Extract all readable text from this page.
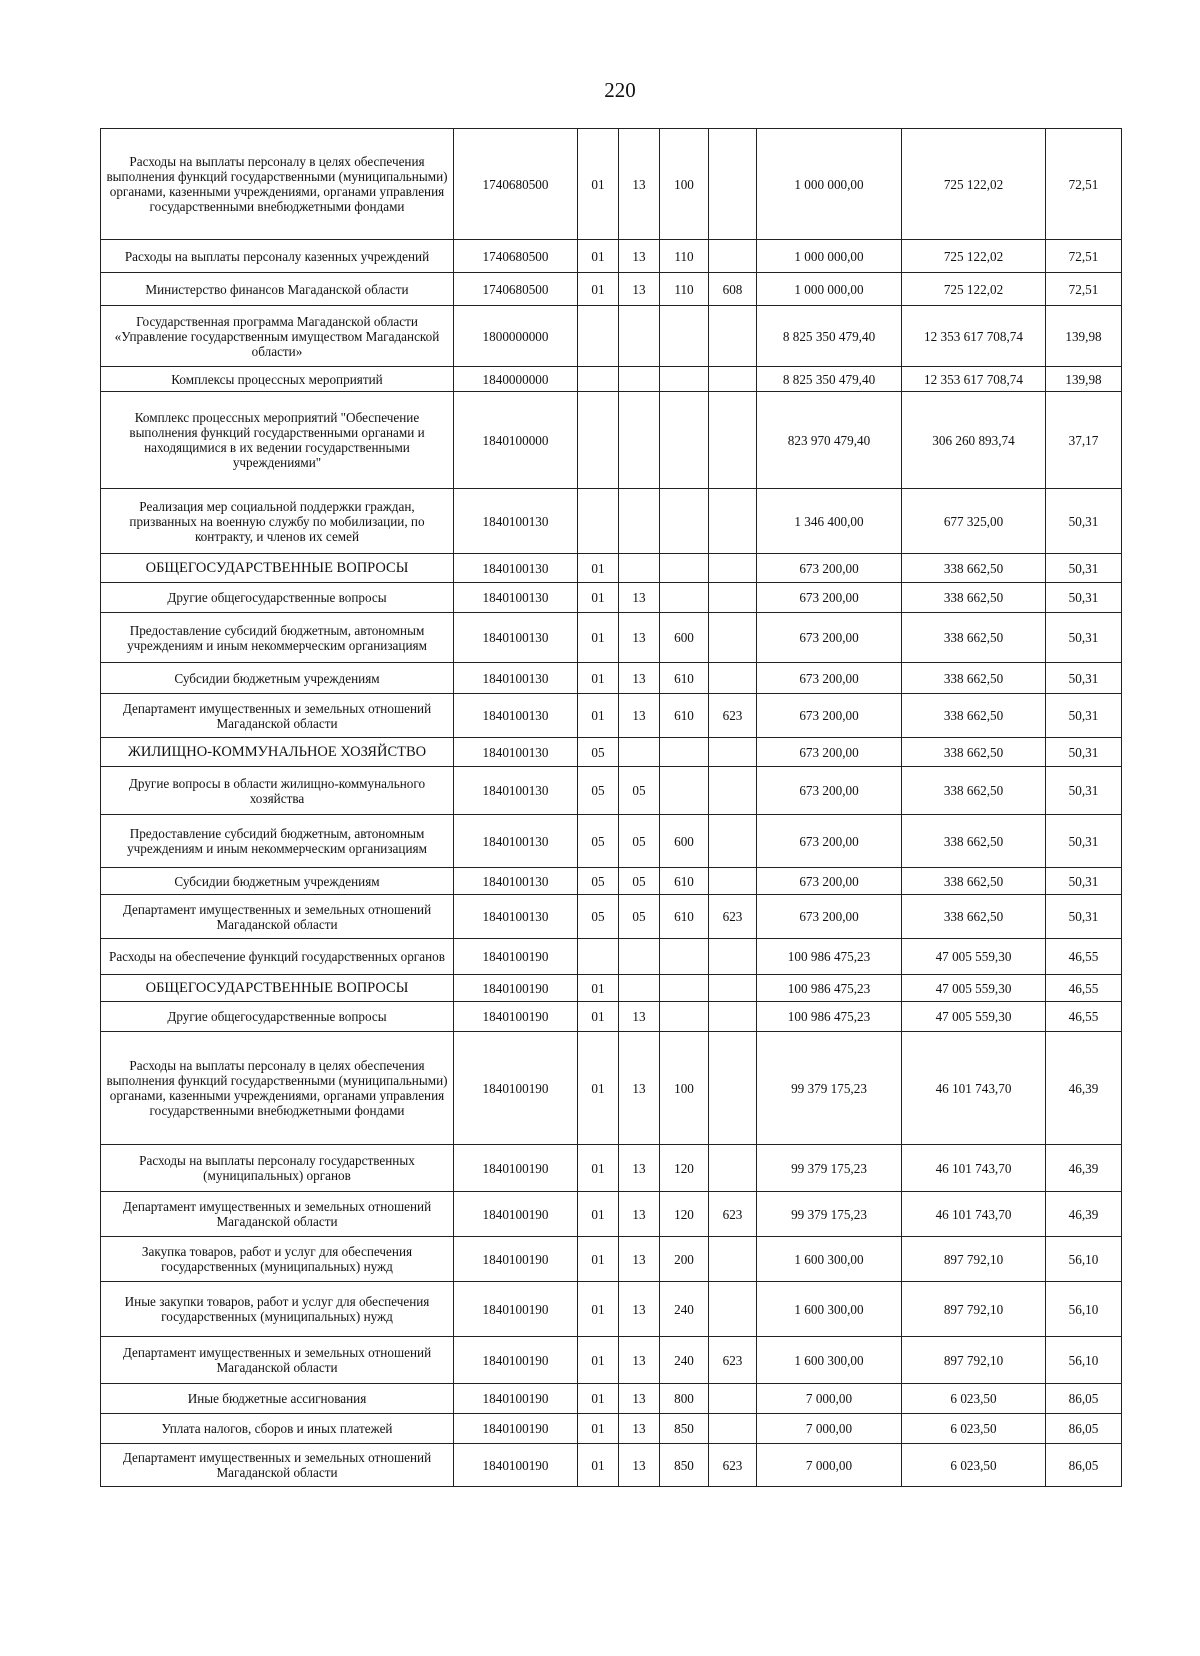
220
Расходы на выплаты персоналу в целях обеспечения выполнения функций государственными (муниципальными) органами, казенными учреждениями, органами управления государственными внебюджетными фондами	1740680500	01	13	100		1 000 000,00	725 122,02	72,51
Расходы на выплаты персоналу казенных учреждений	1740680500	01	13	110		1 000 000,00	725 122,02	72,51
Министерство финансов Магаданской области	1740680500	01	13	110	608	1 000 000,00	725 122,02	72,51
Государственная программа Магаданской области «Управление государственным имуществом Магаданской области»	1800000000					8 825 350 479,40	12 353 617 708,74	139,98
Комплексы процессных мероприятий	1840000000					8 825 350 479,40	12 353 617 708,74	139,98
Комплекс процессных мероприятий "Обеспечение выполнения функций государственными органами и находящимися в их ведении государственными учреждениями"	1840100000					823 970 479,40	306 260 893,74	37,17
Реализация мер социальной поддержки граждан, призванных на военную службу по мобилизации, по контракту, и членов их семей	1840100130					1 346 400,00	677 325,00	50,31
ОБЩЕГОСУДАРСТВЕННЫЕ ВОПРОСЫ	1840100130	01				673 200,00	338 662,50	50,31
Другие общегосударственные вопросы	1840100130	01	13			673 200,00	338 662,50	50,31
Предоставление субсидий бюджетным, автономным учреждениям и иным некоммерческим организациям	1840100130	01	13	600		673 200,00	338 662,50	50,31
Субсидии бюджетным учреждениям	1840100130	01	13	610		673 200,00	338 662,50	50,31
Департамент имущественных и земельных отношений Магаданской области	1840100130	01	13	610	623	673 200,00	338 662,50	50,31
ЖИЛИЩНО-КОММУНАЛЬНОЕ ХОЗЯЙСТВО	1840100130	05				673 200,00	338 662,50	50,31
Другие вопросы в области жилищно-коммунального хозяйства	1840100130	05	05			673 200,00	338 662,50	50,31
Предоставление субсидий бюджетным, автономным учреждениям и иным некоммерческим организациям	1840100130	05	05	600		673 200,00	338 662,50	50,31
Субсидии бюджетным учреждениям	1840100130	05	05	610		673 200,00	338 662,50	50,31
Департамент имущественных и земельных отношений Магаданской области	1840100130	05	05	610	623	673 200,00	338 662,50	50,31
Расходы на обеспечение функций государственных органов	1840100190					100 986 475,23	47 005 559,30	46,55
ОБЩЕГОСУДАРСТВЕННЫЕ ВОПРОСЫ	1840100190	01				100 986 475,23	47 005 559,30	46,55
Другие общегосударственные вопросы	1840100190	01	13			100 986 475,23	47 005 559,30	46,55
Расходы на выплаты персоналу в целях обеспечения выполнения функций государственными (муниципальными) органами, казенными учреждениями, органами управления государственными внебюджетными фондами	1840100190	01	13	100		99 379 175,23	46 101 743,70	46,39
Расходы на выплаты персоналу государственных (муниципальных) органов	1840100190	01	13	120		99 379 175,23	46 101 743,70	46,39
Департамент имущественных и земельных отношений Магаданской области	1840100190	01	13	120	623	99 379 175,23	46 101 743,70	46,39
Закупка товаров, работ и услуг для обеспечения государственных (муниципальных) нужд	1840100190	01	13	200		1 600 300,00	897 792,10	56,10
Иные закупки товаров, работ и услуг для обеспечения государственных (муниципальных) нужд	1840100190	01	13	240		1 600 300,00	897 792,10	56,10
Департамент имущественных и земельных отношений Магаданской области	1840100190	01	13	240	623	1 600 300,00	897 792,10	56,10
Иные бюджетные ассигнования	1840100190	01	13	800		7 000,00	6 023,50	86,05
Уплата налогов, сборов и иных платежей	1840100190	01	13	850		7 000,00	6 023,50	86,05
Департамент имущественных и земельных отношений Магаданской области	1840100190	01	13	850	623	7 000,00	6 023,50	86,05
